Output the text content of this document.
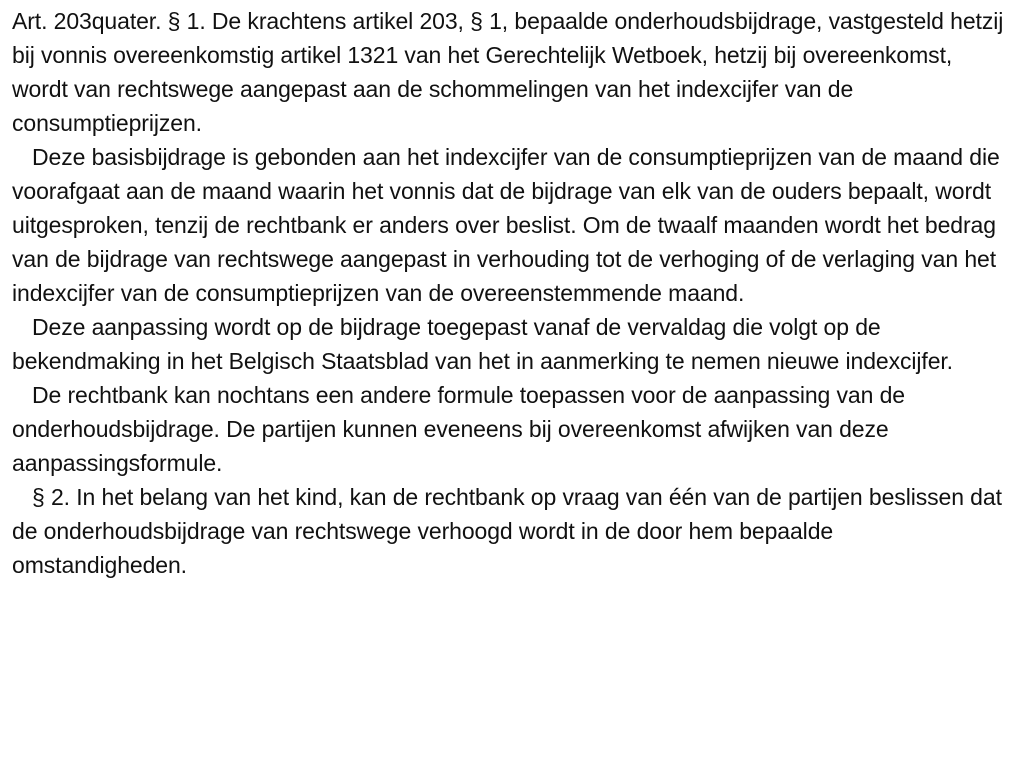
Art. 203quater. § 1. De krachtens artikel 203, § 1, bepaalde onderhoudsbijdrage, vastgesteld hetzij bij vonnis overeenkomstig artikel 1321 van het Gerechtelijk Wetboek, hetzij bij overeenkomst, wordt van rechtswege aangepast aan de schommelingen van het indexcijfer van de consumptieprijzen.

Deze basisbijdrage is gebonden aan het indexcijfer van de consumptieprijzen van de maand die voorafgaat aan de maand waarin het vonnis dat de bijdrage van elk van de ouders bepaalt, wordt uitgesproken, tenzij de rechtbank er anders over beslist. Om de twaalf maanden wordt het bedrag van de bijdrage van rechtswege aangepast in verhouding tot de verhoging of de verlaging van het indexcijfer van de consumptieprijzen van de overeenstemmende maand.

Deze aanpassing wordt op de bijdrage toegepast vanaf de vervaldag die volgt op de bekendmaking in het Belgisch Staatsblad van het in aanmerking te nemen nieuwe indexcijfer.

De rechtbank kan nochtans een andere formule toepassen voor de aanpassing van de onderhoudsbijdrage. De partijen kunnen eveneens bij overeenkomst afwijken van deze aanpassingsformule.

§ 2. In het belang van het kind, kan de rechtbank op vraag van één van de partijen beslissen dat de onderhoudsbijdrage van rechtswege verhoogd wordt in de door hem bepaalde omstandigheden.
